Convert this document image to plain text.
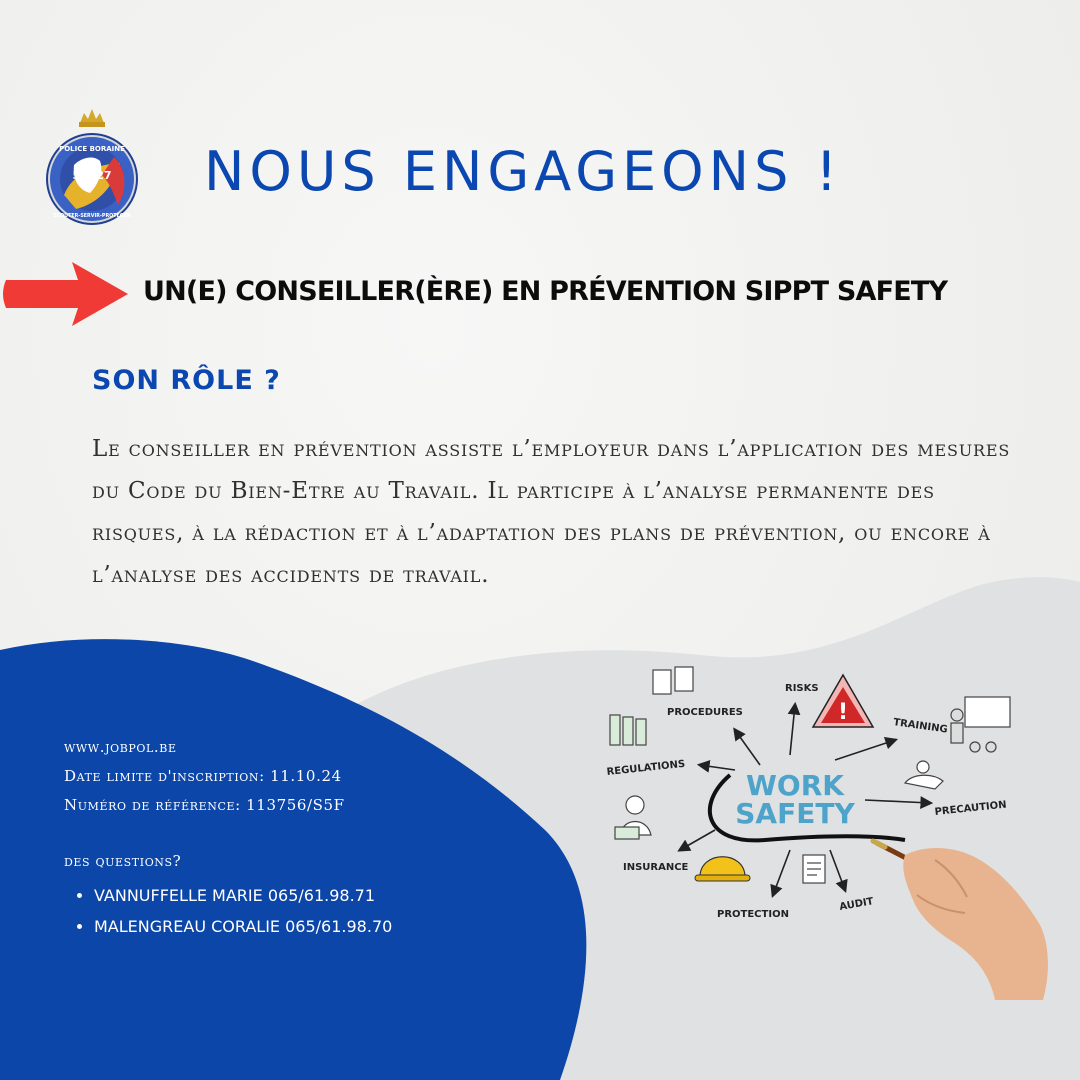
53►27
POLICE BORAINE
ECOUTER-SERVIR-PROTEGER
NOUS ENGAGEONS !
UN(E) CONSEILLER(ÈRE) EN PRÉVENTION SIPPT SAFETY
SON RÔLE ?

Le conseiller en prévention assiste l’employeur dans l’application des mesures du Code du Bien-Etre au Travail. Il participe à l’analyse permanente des risques, à la rédaction et à l’adaptation des plans de prévention, ou encore à l’analyse des accidents de travail.

www.jobpol.be
Date limite d'inscription: 11.10.24
Numéro de référence: 113756/S5F
des questions?
• VANNUFFELLE MARIE 065/61.98.71
• MALENGREAU CORALIE 065/61.98.70
WORK
SAFETY
PROCEDURES
RISKS
TRAINING
REGULATIONS
PRECAUTION
INSURANCE
PROTECTION
AUDIT
!
